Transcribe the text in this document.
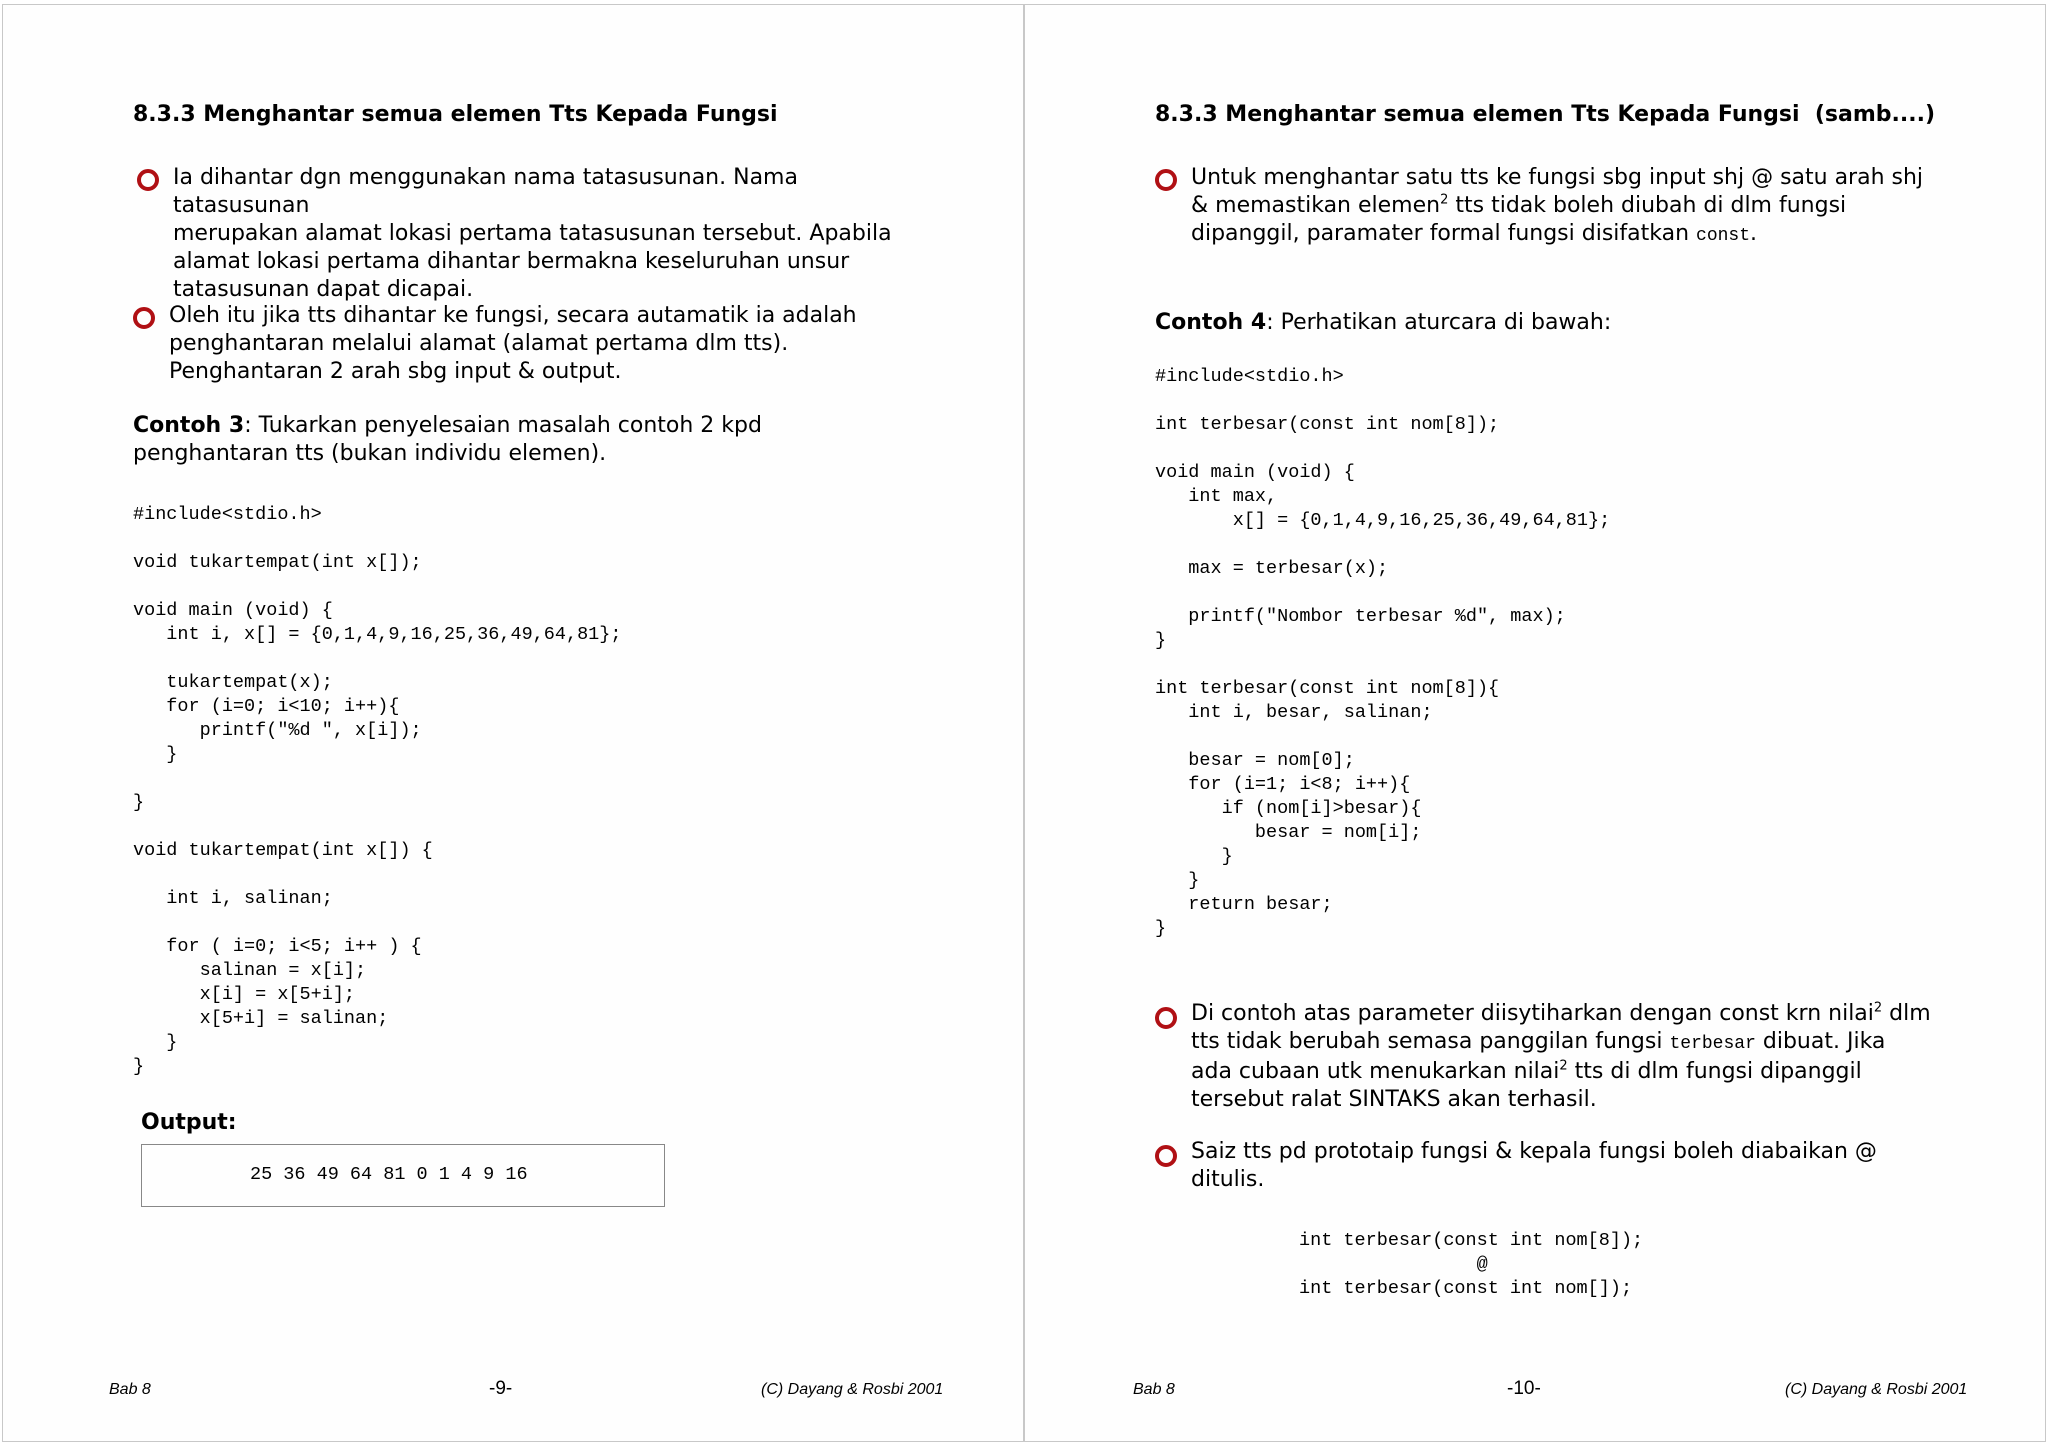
8.3.3 Menghantar semua elemen Tts Kepada Fungsi
Ia dihantar dgn menggunakan nama tatasusunan. Nama tatasusunan
merupakan alamat lokasi pertama tatasusunan tersebut. Apabila
alamat lokasi pertama dihantar bermakna keseluruhan unsur
tatasusunan dapat dicapai.
Oleh itu jika tts dihantar ke fungsi, secara autamatik ia adalah
penghantaran melalui alamat (alamat pertama dlm tts).
Penghantaran 2 arah sbg input & output.
Contoh 3: Tukarkan penyelesaian masalah contoh 2 kpd
penghantaran tts (bukan individu elemen).
#include<stdio.h>

void tukartempat(int x[]);

void main (void) {
int i, x[] = {0,1,4,9,16,25,36,49,64,81};

tukartempat(x);
for (i=0; i<10; i++){
printf("%d ", x[i]);
}

}

void tukartempat(int x[]) {

int i, salinan;

for ( i=0; i<5; i++ ) {
salinan = x[i];
x[i] = x[5+i];
x[5+i] = salinan;
}
}
Output:
25 36 49 64 81 0 1 4 9 16
Bab 8	-9-	(C) Dayang & Rosbi 2001
8.3.3 Menghantar semua elemen Tts Kepada Fungsi  (samb....)
Untuk menghantar satu tts ke fungsi sbg input shj @ satu arah shj
& memastikan elemen$^2$ tts tidak boleh diubah di dlm fungsi
dipanggil, paramater formal fungsi disifatkan const.
Contoh 4: Perhatikan aturcara di bawah:
#include<stdio.h>

int terbesar(const int nom[8]);

void main (void) {
int max,
x[] = {0,1,4,9,16,25,36,49,64,81};

max = terbesar(x);

printf("Nombor terbesar %d", max);
}

int terbesar(const int nom[8]){
int i, besar, salinan;

besar = nom[0];
for (i=1; i<8; i++){
if (nom[i]>besar){
besar = nom[i];
}
}
return besar;
}
Di contoh atas parameter diisytiharkan dengan const krn nilai$^2$ dlm
tts tidak berubah semasa panggilan fungsi terbesar dibuat. Jika
ada cubaan utk menukarkan nilai$^2$ tts di dlm fungsi dipanggil
tersebut ralat SINTAKS akan terhasil.
Saiz tts pd prototaip fungsi & kepala fungsi boleh diabaikan @
ditulis.
int terbesar(const int nom[8]);
@
int terbesar(const int nom[]);
Bab 8	-10-	(C) Dayang & Rosbi 2001
